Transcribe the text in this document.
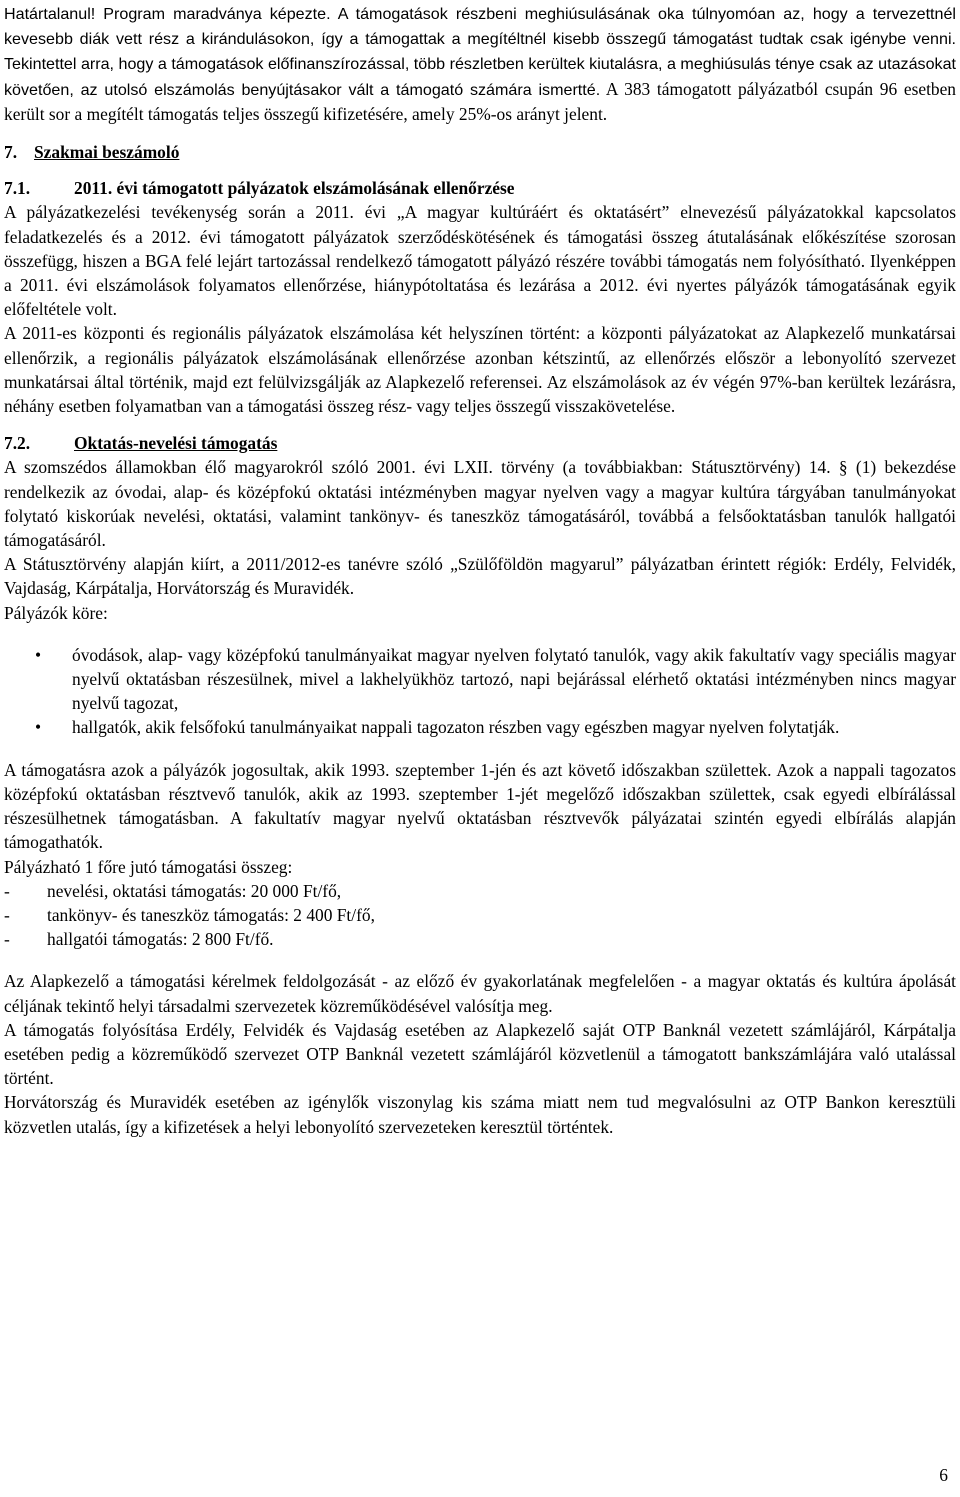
Határtalanul! Program maradványa képezte. A támogatások részbeni meghiúsulásának oka túlnyomóan az, hogy a tervezettnél kevesebb diák vett rész a kirándulásokon, így a támogattak a megítéltnél kisebb összegű támogatást tudtak csak igénybe venni. Tekintettel arra, hogy a támogatások előfinanszírozással, több részletben kerültek kiutalásra, a meghiúsulás ténye csak az utazásokat követően, az utolsó elszámolás benyújtásakor vált a támogató számára ismertté. A 383 támogatott pályázatból csupán 96 esetben került sor a megítélt támogatás teljes összegű kifizetésére, amely 25%-os arányt jelent.

7. Szakmai beszámoló
7.1.	2011. évi támogatott pályázatok elszámolásának ellenőrzése

A pályázatkezelési tevékenység során a 2011. évi „A magyar kultúráért és oktatásért” elnevezésű pályázatokkal kapcsolatos feladatkezelés és a 2012. évi támogatott pályázatok szerződéskötésének és támogatási összeg átutalásának előkészítése szorosan összefügg, hiszen a BGA felé lejárt tartozással rendelkező támogatott pályázó részére további támogatás nem folyósítható. Ilyenképpen a 2011. évi elszámolások folyamatos ellenőrzése, hiánypótoltatása és lezárása a 2012. évi nyertes pályázók támogatásának egyik előfeltétele volt.

A 2011-es központi és regionális pályázatok elszámolása két helyszínen történt: a központi pályázatokat az Alapkezelő munkatársai ellenőrzik, a regionális pályázatok elszámolásának ellenőrzése azonban kétszintű, az ellenőrzés először a lebonyolító szervezet munkatársai által történik, majd ezt felülvizsgálják az Alapkezelő referensei. Az elszámolások az év végén 97%-ban kerültek lezárásra, néhány esetben folyamatban van a támogatási összeg rész- vagy teljes összegű visszakövetelése.

7.2.	Oktatás-nevelési támogatás

A szomszédos államokban élő magyarokról szóló 2001. évi LXII. törvény (a továbbiakban: Státusztörvény) 14. § (1) bekezdése rendelkezik az óvodai, alap- és középfokú oktatási intézményben magyar nyelven vagy a magyar kultúra tárgyában tanulmányokat folytató kiskorúak nevelési, oktatási, valamint tankönyv- és taneszköz támogatásáról, továbbá a felsőoktatásban tanulók hallgatói támogatásáról.

A Státusztörvény alapján kiírt, a 2011/2012-es tanévre szóló „Szülőföldön magyarul” pályázatban érintett régiók: Erdély, Felvidék, Vajdaság, Kárpátalja, Horvátország és Muravidék.

Pályázók köre:

• óvodások, alap- vagy középfokú tanulmányaikat magyar nyelven folytató tanulók, vagy akik fakultatív vagy speciális magyar nyelvű oktatásban részesülnek, mivel a lakhelyükhöz tartozó, napi bejárással elérhető oktatási intézményben nincs magyar nyelvű tagozat,
• hallgatók, akik felsőfokú tanulmányaikat nappali tagozaton részben vagy egészben magyar nyelven folytatják.

A támogatásra azok a pályázók jogosultak, akik 1993. szeptember 1-jén és azt követő időszakban születtek. Azok a nappali tagozatos középfokú oktatásban résztvevő tanulók, akik az 1993. szeptember 1-jét megelőző időszakban születtek, csak egyedi elbírálással részesülhetnek támogatásban. A fakultatív magyar nyelvű oktatásban résztvevők pályázatai szintén egyedi elbírálás alapján támogathatók.

Pályázható 1 főre jutó támogatási összeg:

- nevelési, oktatási támogatás: 20 000 Ft/fő,
- tankönyv- és taneszköz támogatás: 2 400 Ft/fő,
- hallgatói támogatás: 2 800 Ft/fő.

Az Alapkezelő a támogatási kérelmek feldolgozását - az előző év gyakorlatának megfelelően - a magyar oktatás és kultúra ápolását céljának tekintő helyi társadalmi szervezetek közreműködésével valósítja meg.

A támogatás folyósítása Erdély, Felvidék és Vajdaság esetében az Alapkezelő saját OTP Banknál vezetett számlájáról, Kárpátalja esetében pedig a közreműködő szervezet OTP Banknál vezetett számlájáról közvetlenül a támogatott bankszámlájára való utalással történt.

Horvátország és Muravidék esetében az igénylők viszonylag kis száma miatt nem tud megvalósulni az OTP Bankon keresztüli közvetlen utalás, így a kifizetések a helyi lebonyolító szervezeteken keresztül történtek.

6
